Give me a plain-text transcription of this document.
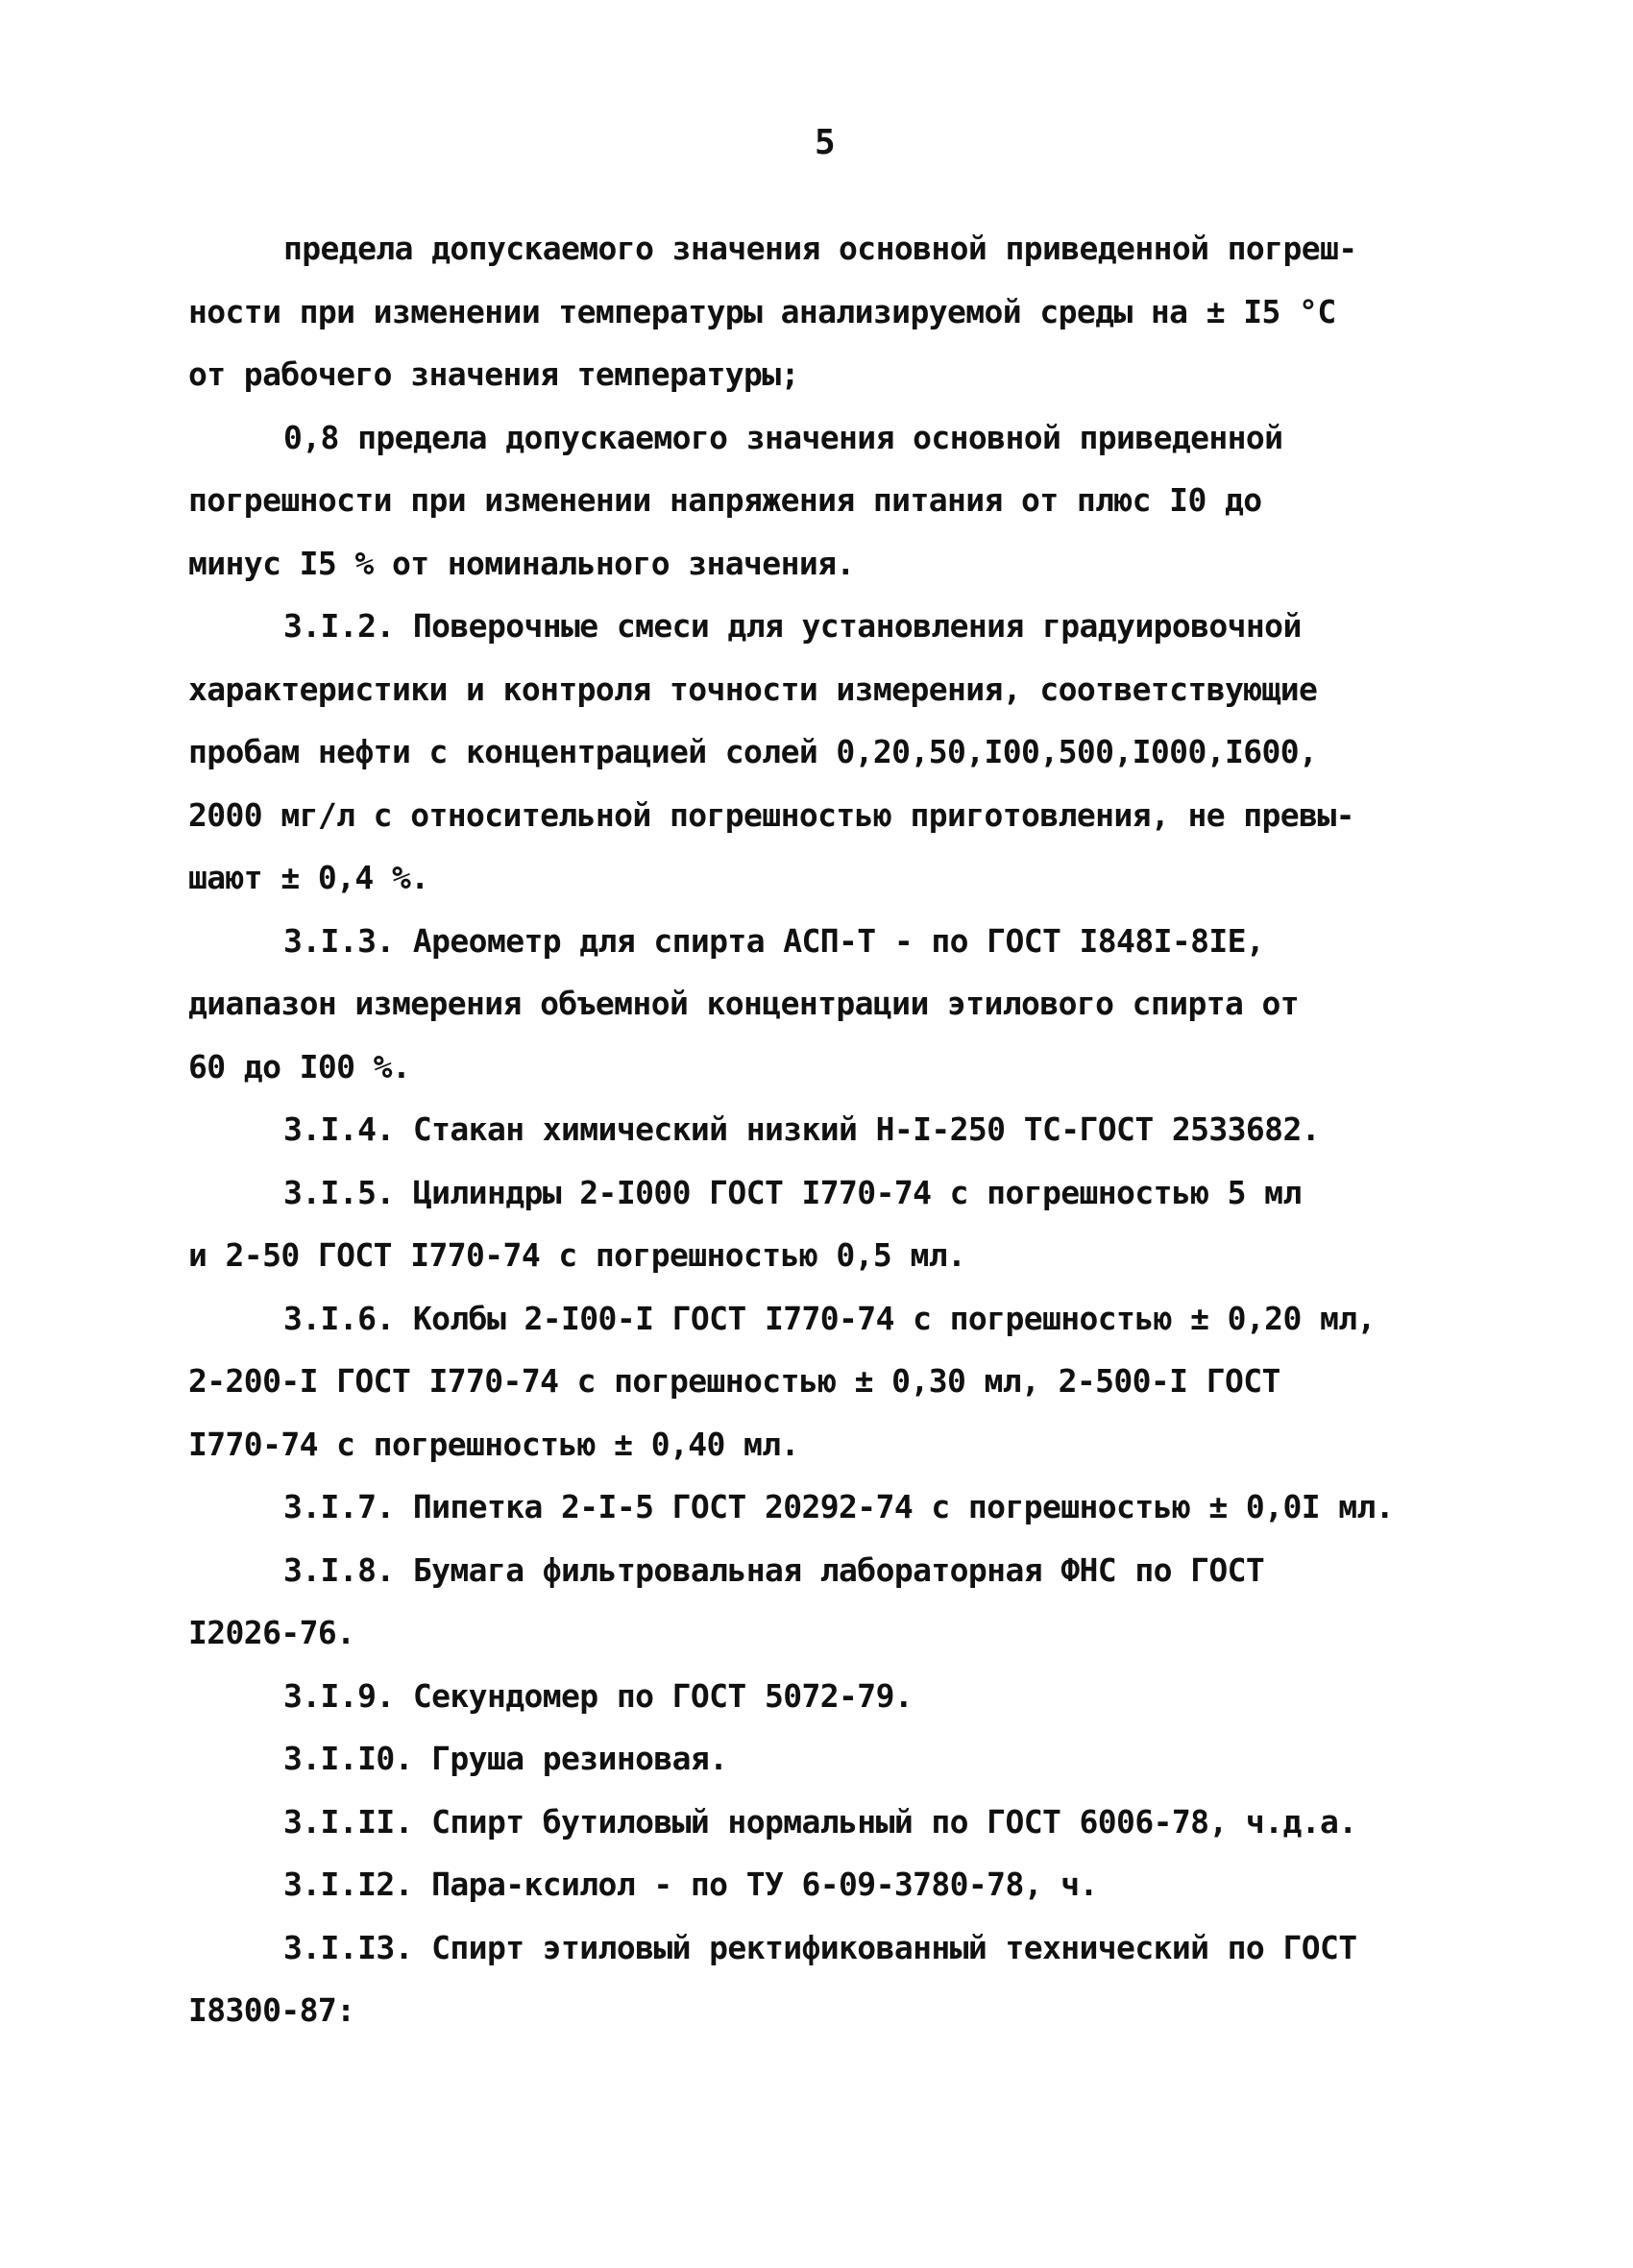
5
предела допускаемого значения основной приведенной погреш-
ности при изменении температуры анализируемой среды на ± I5 °С
от рабочего значения температуры;
0,8 предела допускаемого значения основной приведенной
погрешности при изменении напряжения питания от плюс I0 до
минус I5 % от номинального значения.
3.I.2. Поверочные смеси для установления градуировочной
характеристики и контроля точности измерения, соответствующие
пробам нефти с концентрацией солей 0,20,50,I00,500,I000,I600,
2000 мг/л с относительной погрешностью приготовления, не превы-
шают ± 0,4 %.
3.I.3. Ареометр для спирта АСП-Т - по ГОСТ I848I-8IЕ,
диапазон измерения объемной концентрации этилового спирта от
60 до I00 %.
3.I.4. Стакан химический низкий Н-I-250 ТС-ГОСТ 2533682.
3.I.5. Цилиндры 2-I000 ГОСТ I770-74 с погрешностью 5 мл
и 2-50 ГОСТ I770-74 с погрешностью 0,5 мл.
3.I.6. Колбы 2-I00-I ГОСТ I770-74 с погрешностью ± 0,20 мл,
2-200-I ГОСТ I770-74 с погрешностью ± 0,30 мл, 2-500-I ГОСТ
I770-74 с погрешностью ± 0,40 мл.
3.I.7. Пипетка 2-I-5 ГОСТ 20292-74 с погрешностью ± 0,0I мл.
3.I.8. Бумага фильтровальная лабораторная ФНС по ГОСТ
I2026-76.
3.I.9. Секундомер по ГОСТ 5072-79.
3.I.I0. Груша резиновая.
3.I.II. Спирт бутиловый нормальный по ГОСТ 6006-78, ч.д.а.
3.I.I2. Пара-ксилол - по ТУ 6-09-3780-78, ч.
3.I.I3. Спирт этиловый ректификованный технический по ГОСТ
I8300-87:
